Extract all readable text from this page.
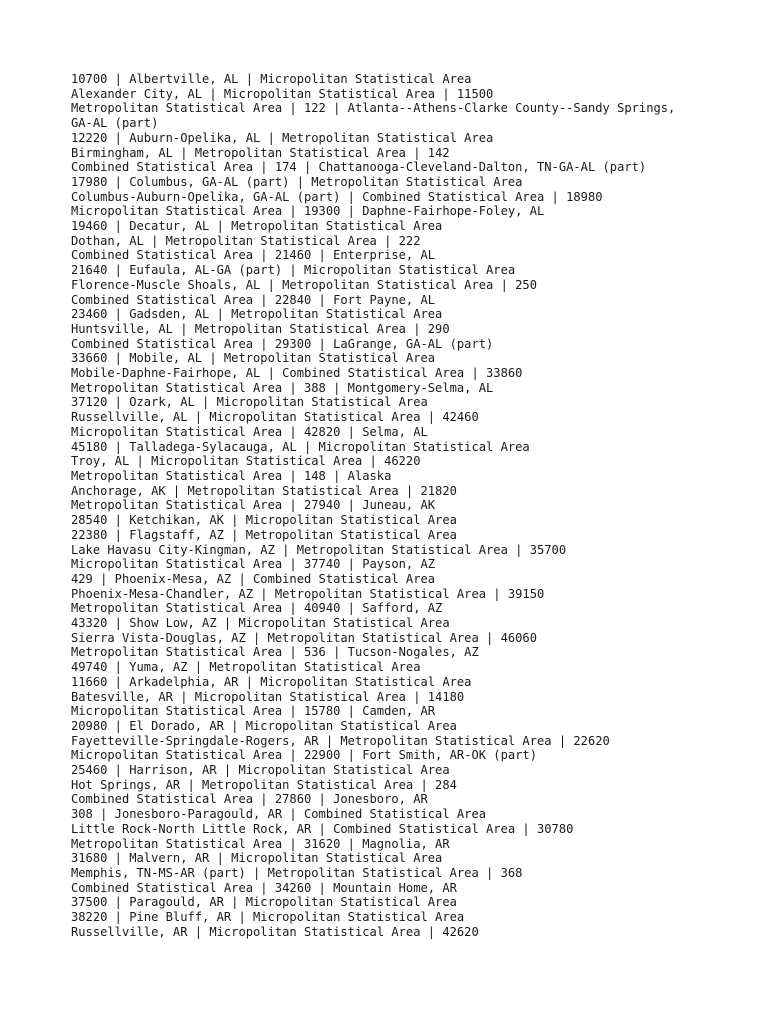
10700 | Albertville, AL | Micropolitan Statistical Area

Alexander City, AL | Micropolitan Statistical Area | 11500

Metropolitan Statistical Area | 122 | Atlanta--Athens-Clarke County--Sandy Springs,

GA-AL (part)

12220 | Auburn-Opelika, AL | Metropolitan Statistical Area

Birmingham, AL | Metropolitan Statistical Area | 142

Combined Statistical Area | 174 | Chattanooga-Cleveland-Dalton, TN-GA-AL (part)

17980 | Columbus, GA-AL (part) | Metropolitan Statistical Area

Columbus-Auburn-Opelika, GA-AL (part) | Combined Statistical Area | 18980

Micropolitan Statistical Area | 19300 | Daphne-Fairhope-Foley, AL

19460 | Decatur, AL | Metropolitan Statistical Area

Dothan, AL | Metropolitan Statistical Area | 222

Combined Statistical Area | 21460 | Enterprise, AL

21640 | Eufaula, AL-GA (part) | Micropolitan Statistical Area

Florence-Muscle Shoals, AL | Metropolitan Statistical Area | 250

Combined Statistical Area | 22840 | Fort Payne, AL

23460 | Gadsden, AL | Metropolitan Statistical Area

Huntsville, AL | Metropolitan Statistical Area | 290

Combined Statistical Area | 29300 | LaGrange, GA-AL (part)

33660 | Mobile, AL | Metropolitan Statistical Area

Mobile-Daphne-Fairhope, AL | Combined Statistical Area | 33860

Metropolitan Statistical Area | 388 | Montgomery-Selma, AL

37120 | Ozark, AL | Micropolitan Statistical Area

Russellville, AL | Micropolitan Statistical Area | 42460

Micropolitan Statistical Area | 42820 | Selma, AL

45180 | Talladega-Sylacauga, AL | Micropolitan Statistical Area

Troy, AL | Micropolitan Statistical Area | 46220

Metropolitan Statistical Area | 148 | Alaska

Anchorage, AK | Metropolitan Statistical Area | 21820

Metropolitan Statistical Area | 27940 | Juneau, AK

28540 | Ketchikan, AK | Micropolitan Statistical Area

22380 | Flagstaff, AZ | Metropolitan Statistical Area

Lake Havasu City-Kingman, AZ | Metropolitan Statistical Area | 35700

Micropolitan Statistical Area | 37740 | Payson, AZ

429 | Phoenix-Mesa, AZ | Combined Statistical Area

Phoenix-Mesa-Chandler, AZ | Metropolitan Statistical Area | 39150

Metropolitan Statistical Area | 40940 | Safford, AZ

43320 | Show Low, AZ | Micropolitan Statistical Area

Sierra Vista-Douglas, AZ | Metropolitan Statistical Area | 46060

Metropolitan Statistical Area | 536 | Tucson-Nogales, AZ

49740 | Yuma, AZ | Metropolitan Statistical Area

11660 | Arkadelphia, AR | Micropolitan Statistical Area

Batesville, AR | Micropolitan Statistical Area | 14180

Micropolitan Statistical Area | 15780 | Camden, AR

20980 | El Dorado, AR | Micropolitan Statistical Area

Fayetteville-Springdale-Rogers, AR | Metropolitan Statistical Area | 22620

Micropolitan Statistical Area | 22900 | Fort Smith, AR-OK (part)

25460 | Harrison, AR | Micropolitan Statistical Area

Hot Springs, AR | Metropolitan Statistical Area | 284

Combined Statistical Area | 27860 | Jonesboro, AR

308 | Jonesboro-Paragould, AR | Combined Statistical Area

Little Rock-North Little Rock, AR | Combined Statistical Area | 30780

Metropolitan Statistical Area | 31620 | Magnolia, AR

31680 | Malvern, AR | Micropolitan Statistical Area

Memphis, TN-MS-AR (part) | Metropolitan Statistical Area | 368

Combined Statistical Area | 34260 | Mountain Home, AR

37500 | Paragould, AR | Micropolitan Statistical Area

38220 | Pine Bluff, AR | Micropolitan Statistical Area

Russellville, AR | Micropolitan Statistical Area | 42620
